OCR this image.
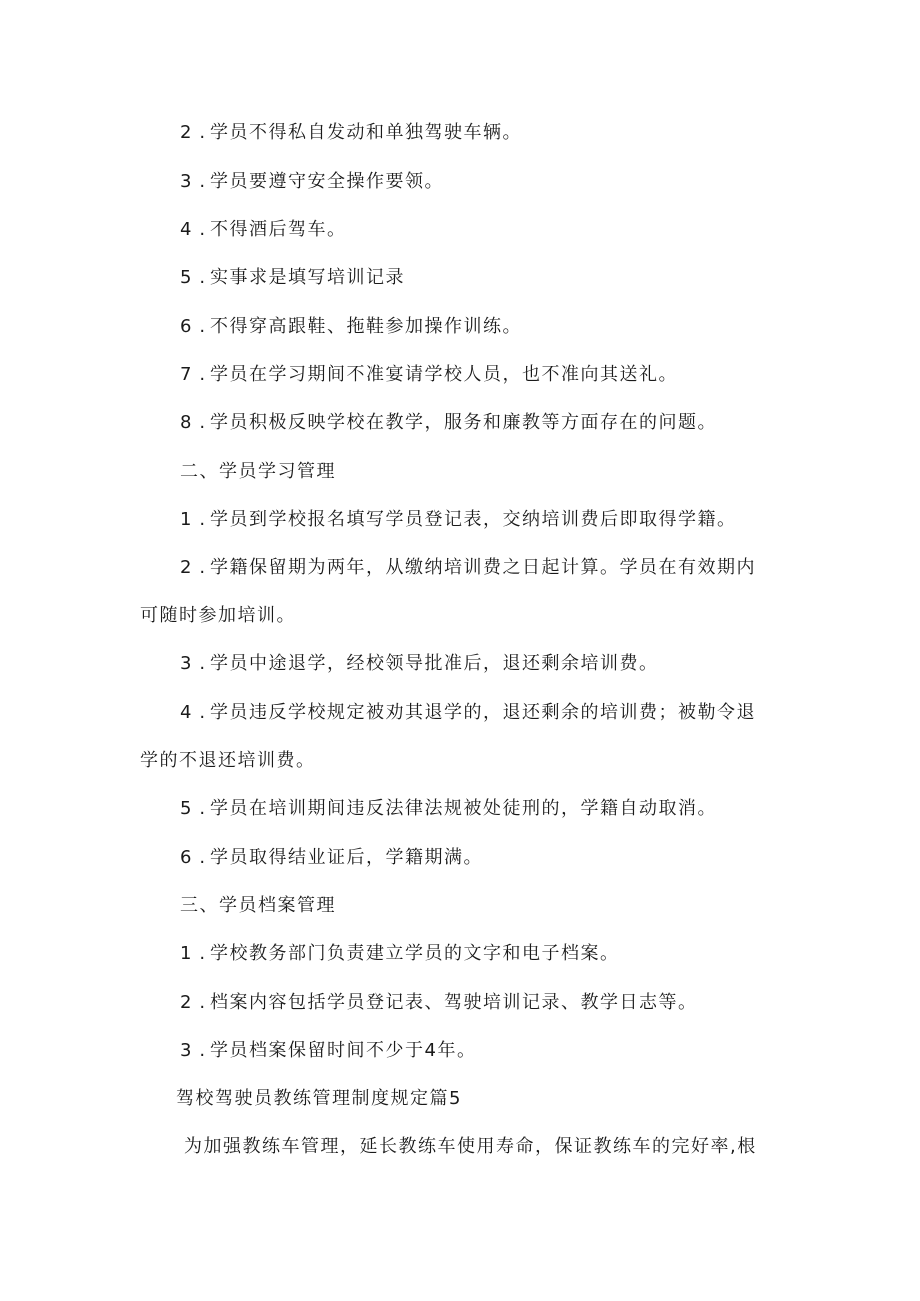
2 . 学员不得私自发动和单独驾驶车辆。
3 . 学员要遵守安全操作要领。
4 . 不得酒后驾车。
5 . 实事求是填写培训记录
6 . 不得穿高跟鞋、拖鞋参加操作训练。
7 . 学员在学习期间不准宴请学校人员，也不准向其送礼。
8 . 学员积极反映学校在教学，服务和廉教等方面存在的问题。
二、学员学习管理
1 . 学员到学校报名填写学员登记表，交纳培训费后即取得学籍。
2 . 学籍保留期为两年，从缴纳培训费之日起计算。学员在有效期内
可随时参加培训。
3 . 学员中途退学，经校领导批准后，退还剩余培训费。
4 . 学员违反学校规定被劝其退学的，退还剩余的培训费；被勒令退
学的不退还培训费。
5 . 学员在培训期间违反法律法规被处徒刑的，学籍自动取消。
6 . 学员取得结业证后，学籍期满。
三、学员档案管理
1 . 学校教务部门负责建立学员的文字和电子档案。
2 . 档案内容包括学员登记表、驾驶培训记录、教学日志等。
3 . 学员档案保留时间不少于4年。
驾校驾驶员教练管理制度规定篇5
为加强教练车管理，延长教练车使用寿命，保证教练车的完好率,根
